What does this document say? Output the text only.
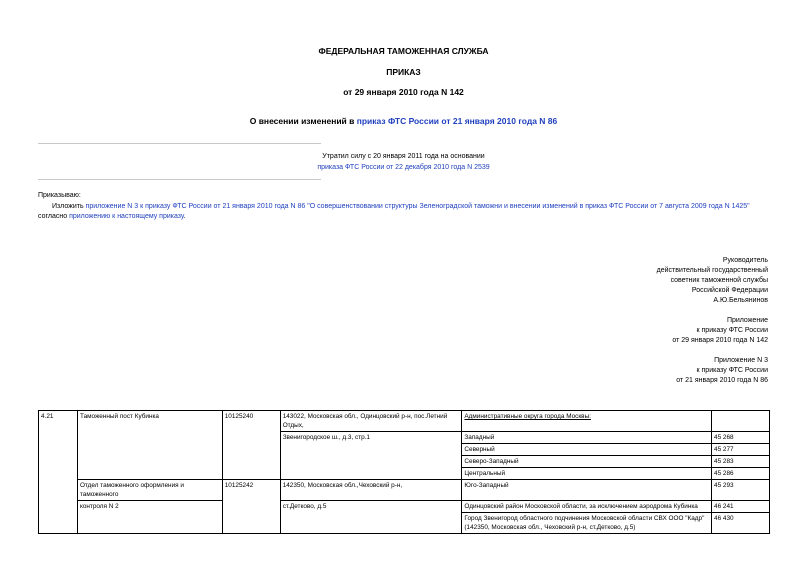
ФЕДЕРАЛЬНАЯ ТАМОЖЕННАЯ СЛУЖБА
ПРИКАЗ
от 29 января 2010 года N 142
О внесении изменений в приказ ФТС России от 21 января 2010 года N 86
Утратил силу с 20 января 2011 года на основании
приказа ФТС России от 22 декабря 2010 года N 2539
Приказываю:
Изложить приложение N 3 к приказу ФТС России от 21 января 2010 года N 86 "О совершенствовании структуры Зеленоградской таможни и внесении изменений в приказ ФТС России от 7 августа 2009 года N 1425"
согласно приложению к настоящему приказу.
Руководитель
действительный государственный
советник таможенной службы
Российской Федерации
А.Ю.Бельянинов
Приложение
к приказу ФТС России
от 29 января 2010 года N 142
Приложение N 3
к приказу ФТС России
от 21 января 2010 года N 86
4.21	Таможенный пост Кубинка	10125240	143022, Московская обл., Одинцовский р-н, пос.Летний Отдых,	Административные округа города Москвы:	
			Звенигородское ш., д.3, стр.1	Западный	45 268
				Северный	45 277
				Северо-Западный	45 283
				Центральный	45 286
	Отдел таможенного оформления и таможенного	10125242	142350, Московская обл.,Чеховский р-н,	Юго-Западный	45 293
	контроля N 2		ст.Детково, д.5	Одинцовский район Московской области, за исключением аэродрома Кубинка	46 241
				Город Звенигород областного подчинения Московской области СВХ ООО "Кадр" (142350, Московская обл., Чеховский р-н, ст.Детково, д.5)	46 430
